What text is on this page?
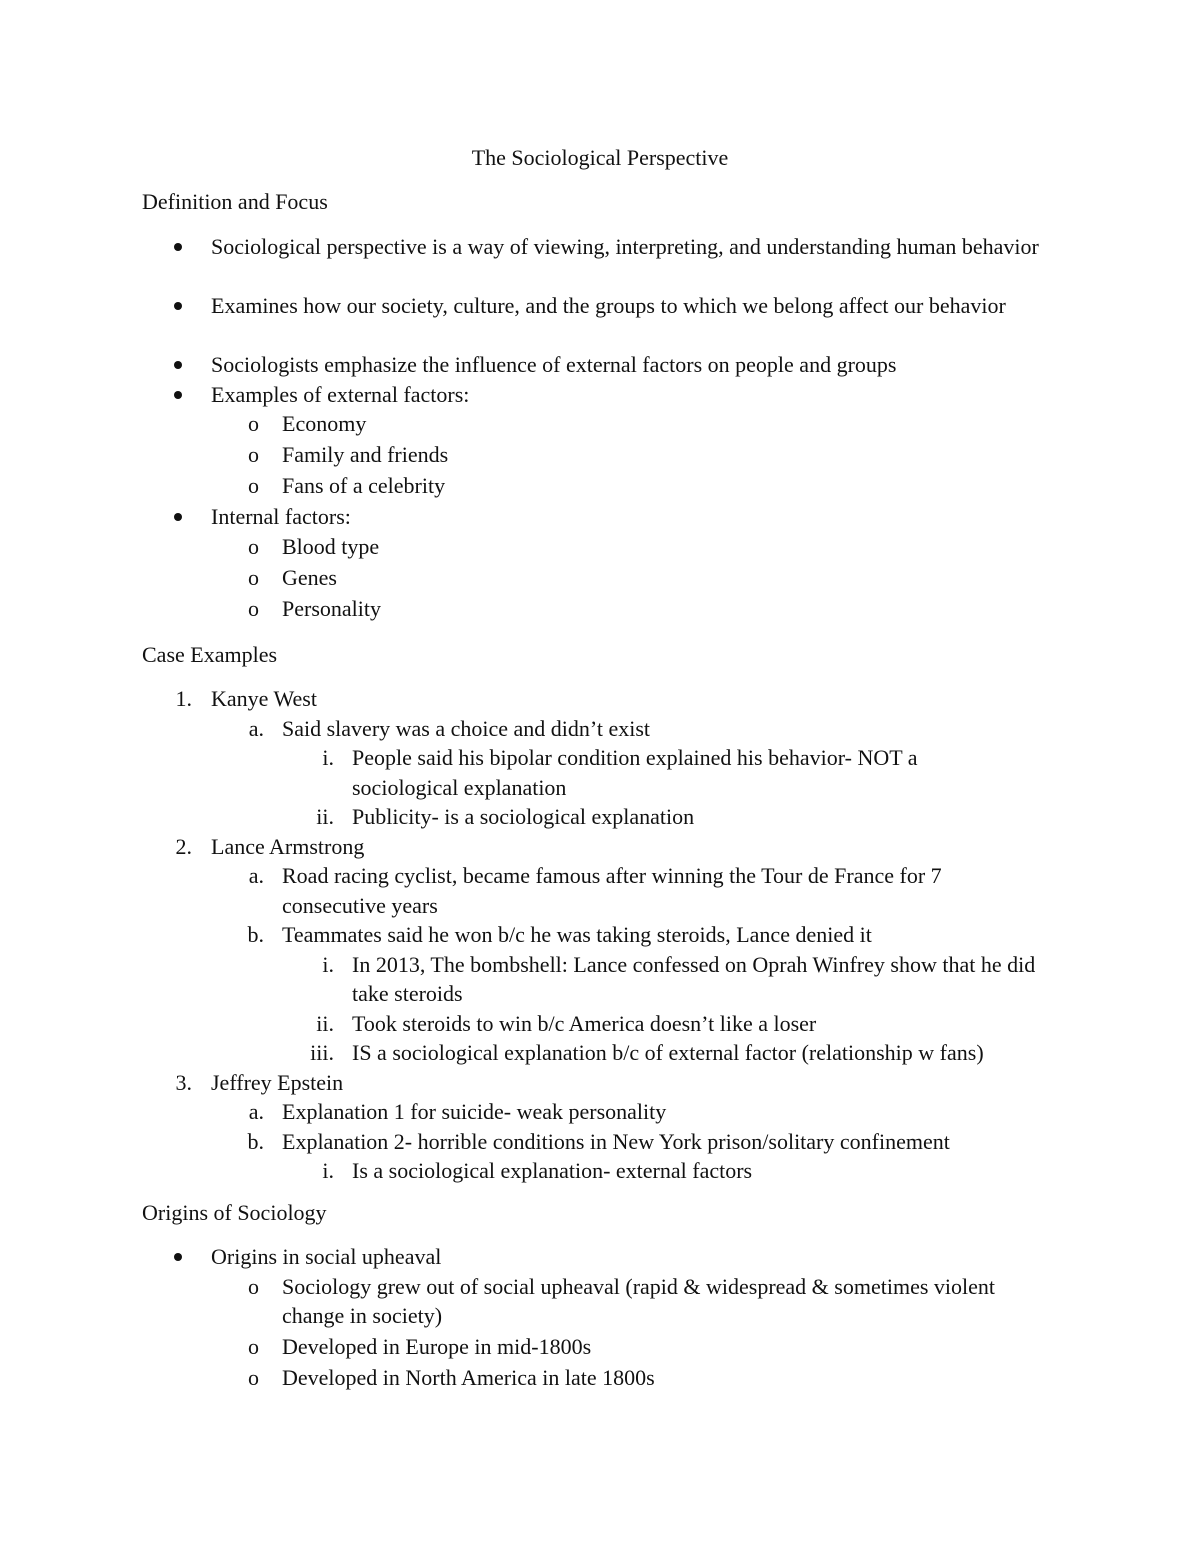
The Sociological Perspective
Definition and Focus
Sociological perspective is a way of viewing, interpreting, and understanding human behavior
Examines how our society, culture, and the groups to which we belong affect our behavior
Sociologists emphasize the influence of external factors on people and groups
Examples of external factors:
o Economy
o Family and friends
o Fans of a celebrity
Internal factors:
o Blood type
o Genes
o Personality
Case Examples
1. Kanye West
a. Said slavery was a choice and didn’t exist
i. People said his bipolar condition explained his behavior- NOT a sociological explanation
ii. Publicity- is a sociological explanation
2. Lance Armstrong
a. Road racing cyclist, became famous after winning the Tour de France for 7 consecutive years
b. Teammates said he won b/c he was taking steroids, Lance denied it
i. In 2013, The bombshell: Lance confessed on Oprah Winfrey show that he did take steroids
ii. Took steroids to win b/c America doesn’t like a loser
iii. IS a sociological explanation b/c of external factor (relationship w fans)
3. Jeffrey Epstein
a. Explanation 1 for suicide- weak personality
b. Explanation 2- horrible conditions in New York prison/solitary confinement
i. Is a sociological explanation- external factors
Origins of Sociology
Origins in social upheaval
o Sociology grew out of social upheaval (rapid & widespread & sometimes violent change in society)
o Developed in Europe in mid-1800s
o Developed in North America in late 1800s
